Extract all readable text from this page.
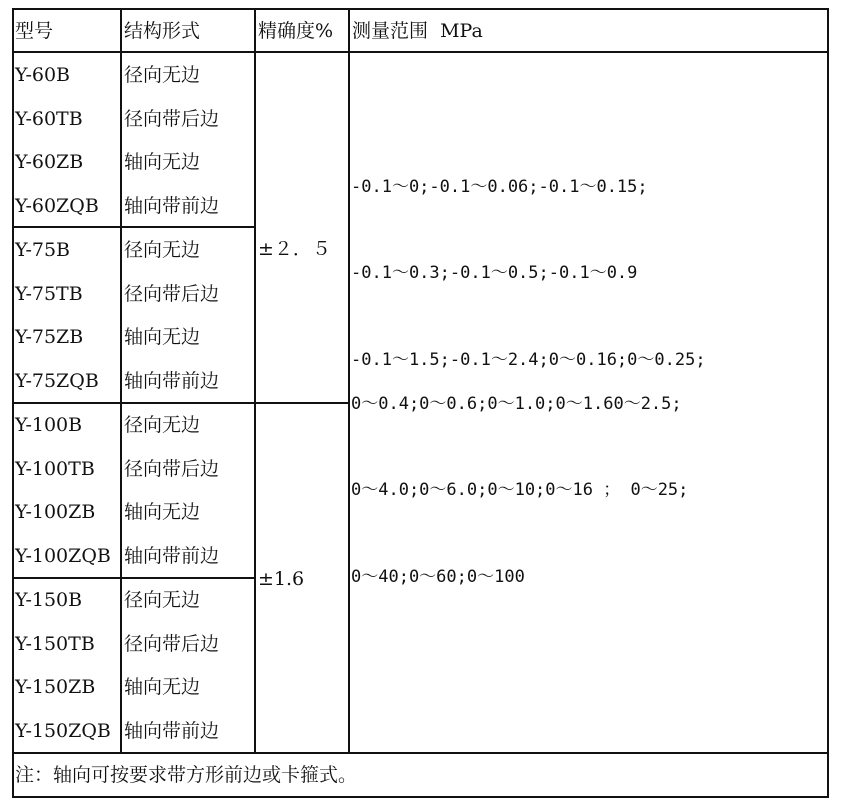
型号	结构形式	精确度% 测量范围  MPa
Y-60B
Y-60TB
Y-60ZB
Y-60ZQB
Y-75B
Y-75TB
Y-75ZB
Y-75ZQB
Y-100B
Y-100TB
Y-100ZB
Y-100ZQB
Y-150B
Y-150TB
Y-150ZB
Y-150ZQB
径向无边
径向带后边
轴向无边
轴向带前边
径向无边
径向带后边
轴向无边
轴向带前边
径向无边
径向带后边
轴向无边
轴向带前边
径向无边
径向带后边
轴向无边
轴向带前边
±２．５
±1.6
-0.1～0;-0.1～0.06;-0.1～0.15;
-0.1～0.3;-0.1～0.5;-0.1～0.9
-0.1～1.5;-0.1～2.4;0～0.16;0～0.25;
0～0.4;0～0.6;0～1.0;0～1.60～2.5;
0～4.0;0～6.0;0～10;0～16 ； 0～25;
0～40;0～60;0～100
注：轴向可按要求带方形前边或卡箍式。
